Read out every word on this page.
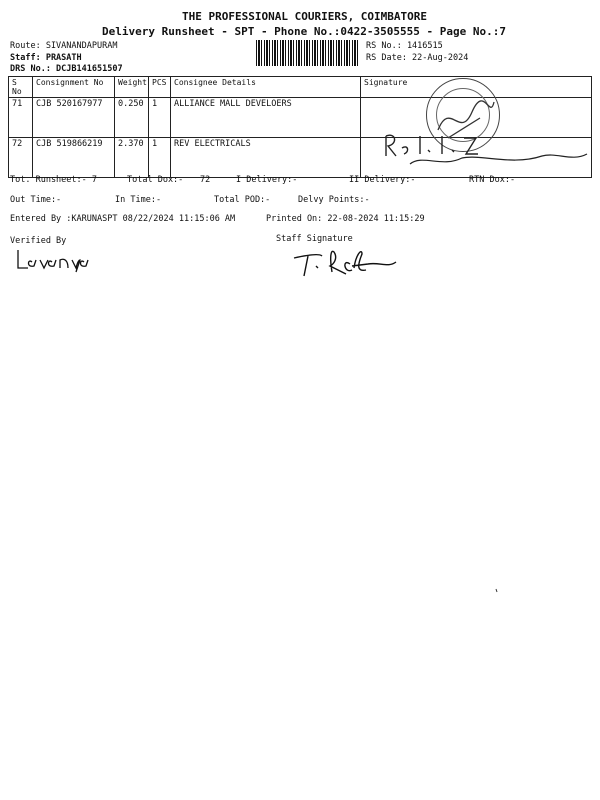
THE PROFESSIONAL COURIERS, COIMBATORE
Delivery Runsheet - SPT - Phone No.:0422-3505555 - Page No.:7
Route: SIVANANDAPURAM
Staff: PRASATH
DRS No.: DCJB141651507
RS No.: 1416515
RS Date: 22-Aug-2024
S No	Consignment No	Weight	PCS	Consignee Details	Signature
71	CJB 520167977	0.250	1	ALLIANCE MALL DEVELOERS	
72	CJB 519866219	2.370	1	REV ELECTRICALS	
Tot. Runsheet:- 7	Total Dox:- 72	I Delivery:-	II Delivery:-	RTN Dox:-
Out Time:-	In Time:-	Total POD:-	Delvy Points:-
Entered By :KARUNASPT 08/22/2024 11:15:06 AM	Printed On: 22-08-2024 11:15:29
Verified By	Staff Signature
